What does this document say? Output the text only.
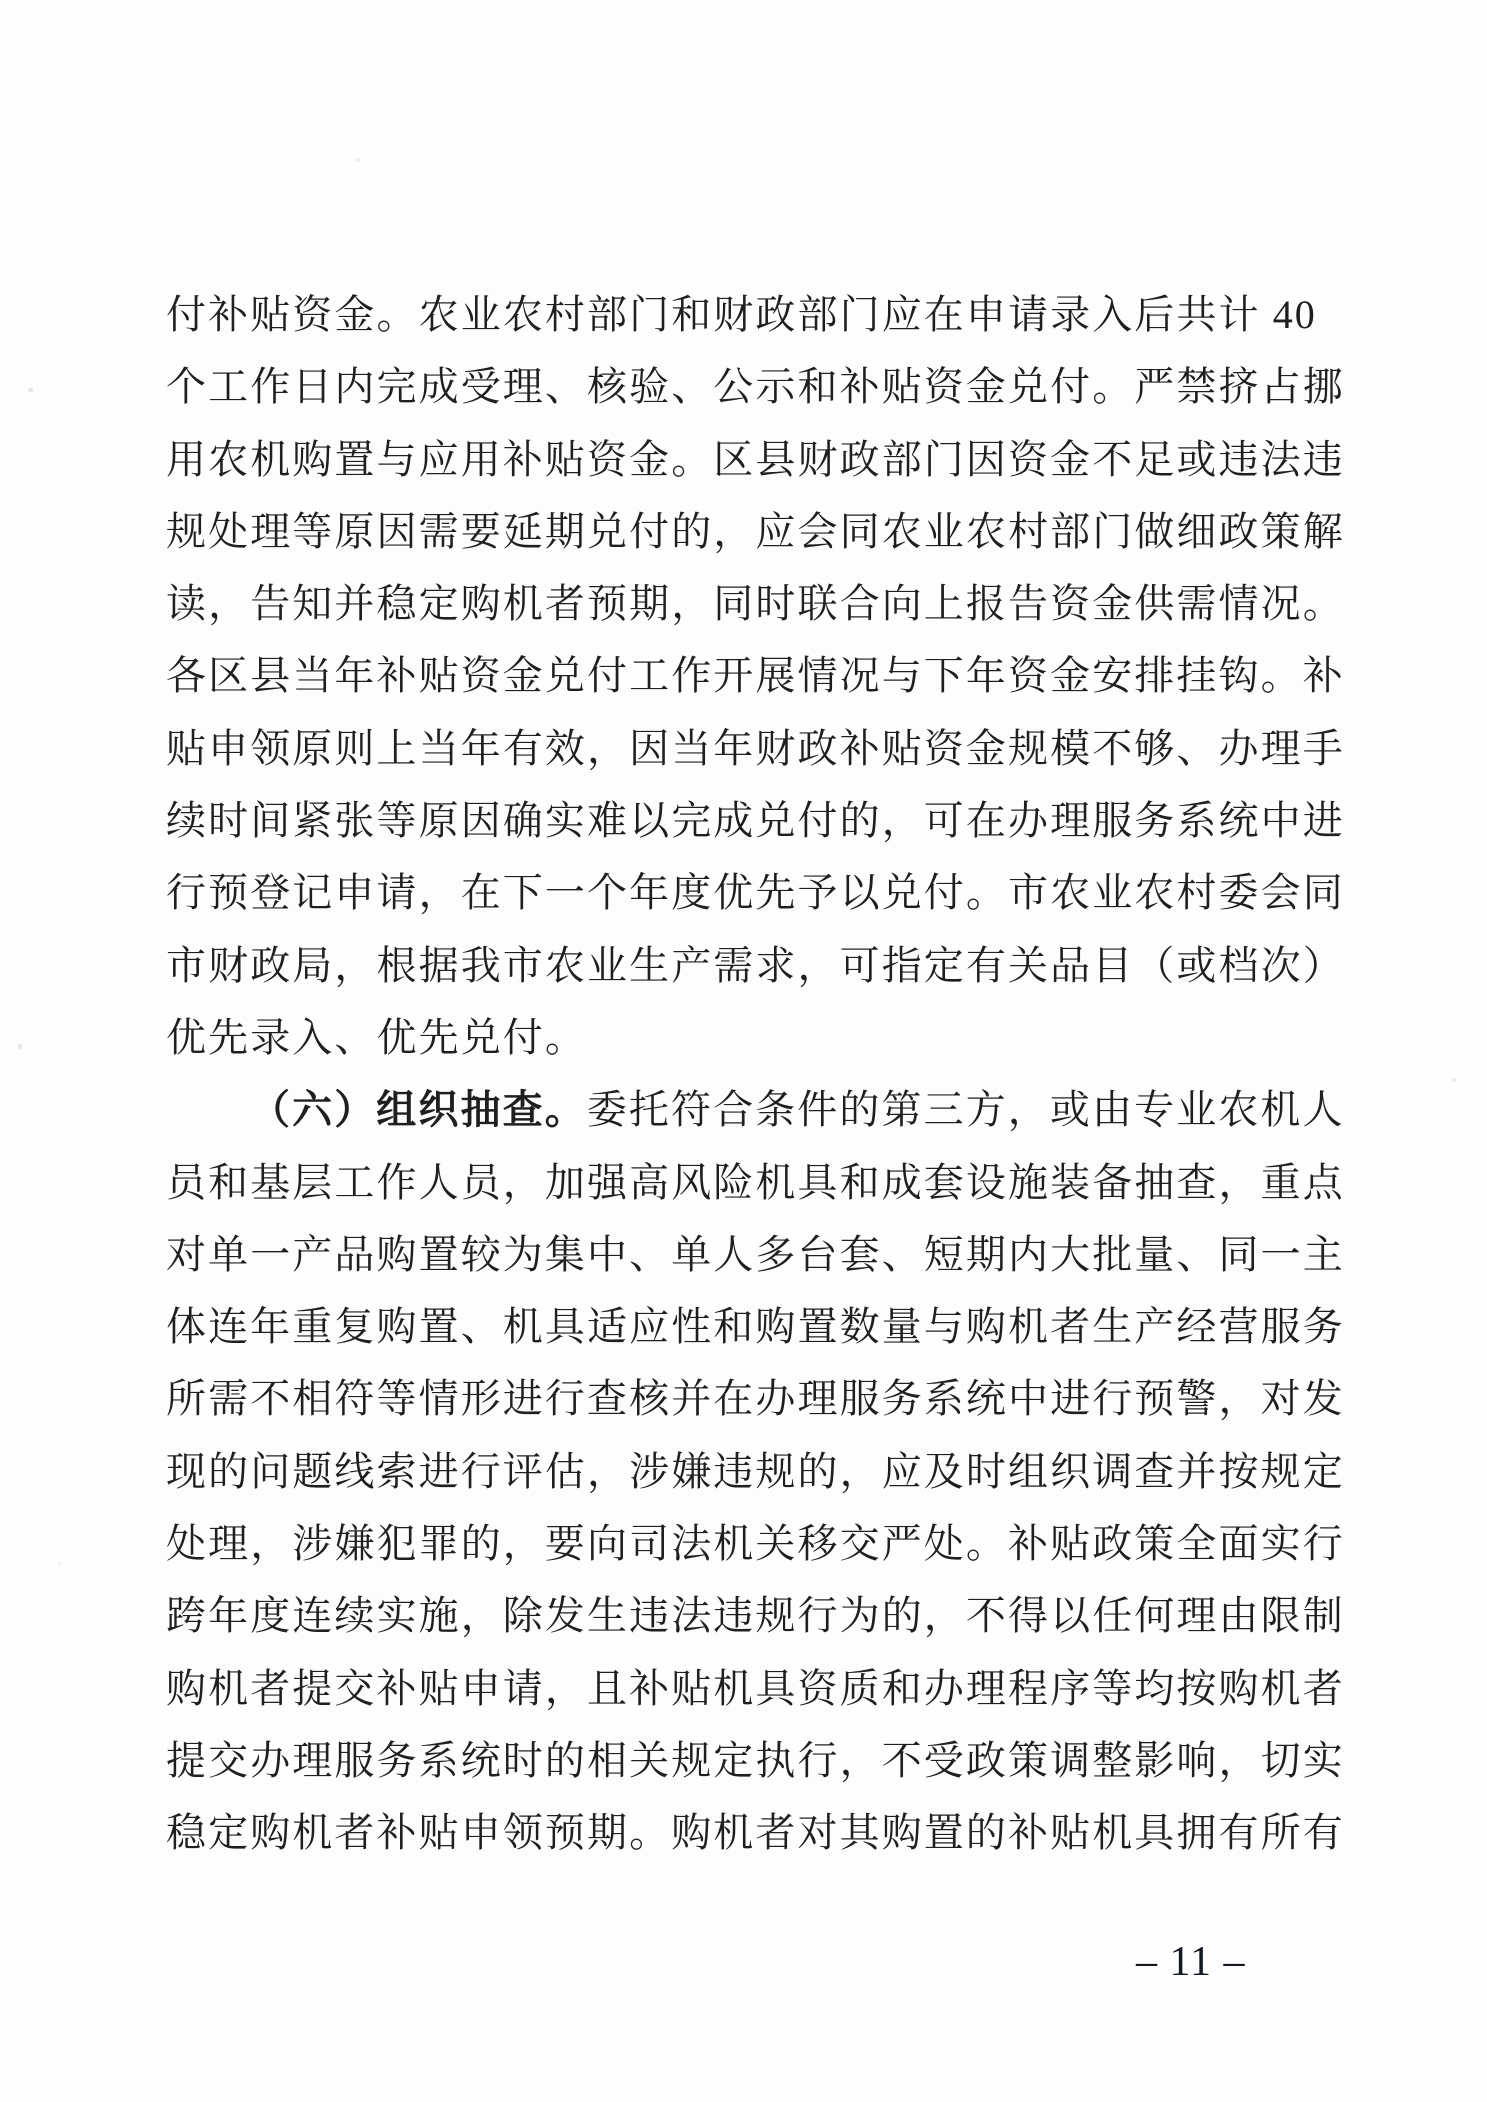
付补贴资金。农业农村部门和财政部门应在申请录入后共计 40
个工作日内完成受理、核验、公示和补贴资金兑付。严禁挤占挪
用农机购置与应用补贴资金。区县财政部门因资金不足或违法违
规处理等原因需要延期兑付的，应会同农业农村部门做细政策解
读，告知并稳定购机者预期，同时联合向上报告资金供需情况。
各区县当年补贴资金兑付工作开展情况与下年资金安排挂钩。补
贴申领原则上当年有效，因当年财政补贴资金规模不够、办理手
续时间紧张等原因确实难以完成兑付的，可在办理服务系统中进
行预登记申请，在下一个年度优先予以兑付。市农业农村委会同
市财政局，根据我市农业生产需求，可指定有关品目（或档次）
优先录入、优先兑付。
（六）组织抽查。委托符合条件的第三方，或由专业农机人
员和基层工作人员，加强高风险机具和成套设施装备抽查，重点
对单一产品购置较为集中、单人多台套、短期内大批量、同一主
体连年重复购置、机具适应性和购置数量与购机者生产经营服务
所需不相符等情形进行查核并在办理服务系统中进行预警，对发
现的问题线索进行评估，涉嫌违规的，应及时组织调查并按规定
处理，涉嫌犯罪的，要向司法机关移交严处。补贴政策全面实行
跨年度连续实施，除发生违法违规行为的，不得以任何理由限制
购机者提交补贴申请，且补贴机具资质和办理程序等均按购机者
提交办理服务系统时的相关规定执行，不受政策调整影响，切实
稳定购机者补贴申领预期。购机者对其购置的补贴机具拥有所有
– 11 –
